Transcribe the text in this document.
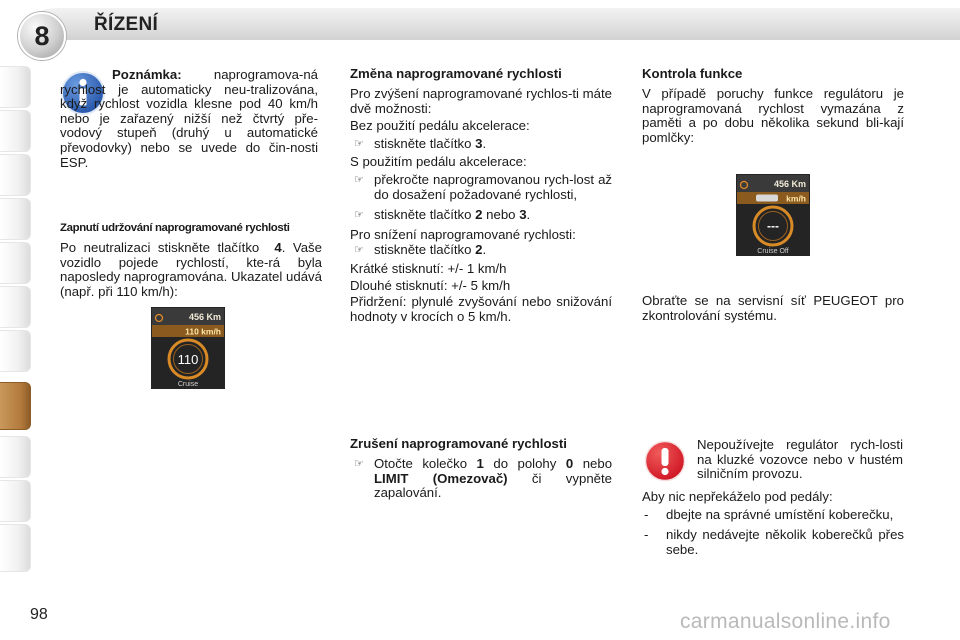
8 ŘÍZENÍ

Poznámka: naprogramova-ná rychlost je automaticky neu-tralizována, když rychlost vozidla klesne pod 40 km/h nebo je zařazený nižší než čtvrtý pře-vodový stupeň (druhý u automatické převodovky) nebo se uvede do čin-nosti ESP.

Zapnutí udržování naprogramované rychlosti

Po neutralizaci stiskněte tlačítko 4. Vaše vozidlo pojede rychlostí, kte-rá byla naposledy naprogramována. Ukazatel udává (např. při 110 km/h):

456 Km
110 km/h
110
Cruise

Změna naprogramované rychlosti

Pro zvýšení naprogramované rychlos-ti máte dvě možnosti:

Bez použití pedálu akcelerace:

☞ stiskněte tlačítko 3.

S použitím pedálu akcelerace:

☞ překročte naprogramovanou rych-lost až do dosažení požadované rychlosti,

☞ stiskněte tlačítko 2 nebo 3.

Pro snížení naprogramované rychlosti:

☞ stiskněte tlačítko 2.

Krátké stisknutí: +/- 1 km/h

Dlouhé stisknutí: +/- 5 km/h

Přidržení: plynulé zvyšování nebo snižování hodnoty v krocích o 5 km/h.

Zrušení naprogramované rychlosti

☞ Otočte kolečko 1 do polohy 0 nebo LIMIT (Omezovač) či vypněte zapalování.

Kontrola funkce

V případě poruchy funkce regulátoru je naprogramovaná rychlost vymazána z paměti a po dobu několika sekund bli-kají pomlčky:

456 Km
km/h
---
Cruise Off

Obraťte se na servisní síť PEUGEOT pro zkontrolování systému.

Nepoužívejte regulátor rych-losti na kluzké vozovce nebo v hustém silničním provozu.

Aby nic nepřekáželo pod pedály:

- dbejte na správné umístění koberečku,

- nikdy nedávejte několik koberečků přes sebe.

98	carmanualsonline.info
